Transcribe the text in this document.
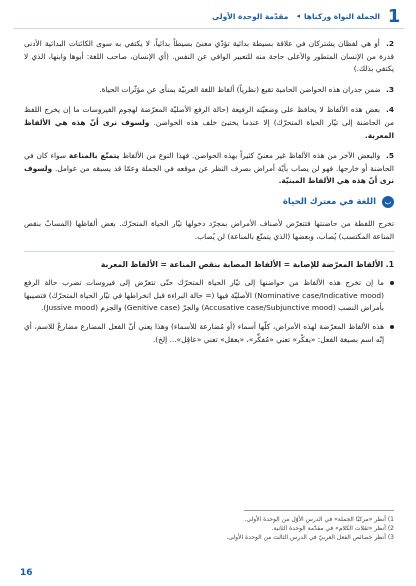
1
الجملة النواة وركناها
◂
مقدّمة الوحدة الأولى

2. أو هي لفظان يشتركان في علاقة بسيطة بدائية تؤدّي معنىً بسيطاً بدائياً، لا يكتفي به سوى الكائنات البدائية الأدنى قدرة من الإنسان المتطور والأعلى حاجة منه للتعبير الوافي عن النفس. (أي الإنسان، صاحب اللغة: أبوها وابنها، الذي لا يكتفي بذلك.)

3. ضمن جدران هذه الحواضن الحامية تقبع (نظرياً) ألفاظ اللغة العربيّة بمنأى عن مؤثّرات الحياة.

4. بعض هذه الألفاظ لا يحافظ على وضعيّته الرفيعة (حالة الرفع الأصليّة المعرّضة لهجوم الفيروسات ما إن يخرج اللفظ من الحاضنة إلى تيّار الحياة المتحرّك) إلا عندما يختبئ خلف هذه الحواضن. ولسوف نرى أنّ هذه هي الألفاظ المعربة.

5. والبعض الآخر من هذه الألفاظ غير معنيّ كثيراً بهذه الحواضن. فهذا النوع من الألفاظ يتمتّع بالمناعة سواء كان في الحاضنة أو خارجها. فهو لن يصاب بأيّة أمراض بصرف النظر عن موقعه في الجملة وعمّا قد يسبقه من عوامل. ولسوف نرى أنّ هذه هي الألفاظ المبنيّة.

ب
اللغة في معترك الحياة

تخرج اللفظة من حاضنتها فتتعرّض لأصناف الأمراض بمجرّد دخولها تيّار الحياة المتحرّك. بعض ألفاظها (المسابّ بنقص المناعة المكتسب) يُصاب، وبعضها (الذي يتمتّع بالمناعة) لن يُصاب.

1. الألفاظ المعرّضة للإصابة = الألفاظ المصابة بنقص المناعة = الألفاظ المعربة

ما إن تخرج هذه الألفاظ من حواضنها إلى تيّار الحياة المتحرّك حتّى تتعرّض إلى فيروسات تضرب حالة الرفع (Nominative case/Indicative mood) الأصليّة فيها (= حالة البراءة قبل انخراطها في تيّار الحياة المتحرّك) فتصيبها بأمراض النصب (Accusative case/Subjunctive mood) والجرّ (Genitive case) والجزم (Jussive mood).

هذه الألفاظ المعرّضة لهذه الأمراض، كلّها أسماء (أو مُضارعة للأسماء) وهذا يعني أنّ الفعل المضارع مضارعٌ للاسم، أي إنّه اسم بصيغة الفعل: «يفكّر» تعني «مُفكِّر»، «يعقل» تعني «عاقِل»... إلخ).

1) أنظر «مركبًا الجملة» في الدرس الأوّل من الوحدة الأولى.

2) أنظر «ثقلات الكلام» في مقدّمة الوحدة الثانية.

3) أنظر خصائص الفعل العربيّ في الدرس الثالث من الوحدة الأولى.

16
